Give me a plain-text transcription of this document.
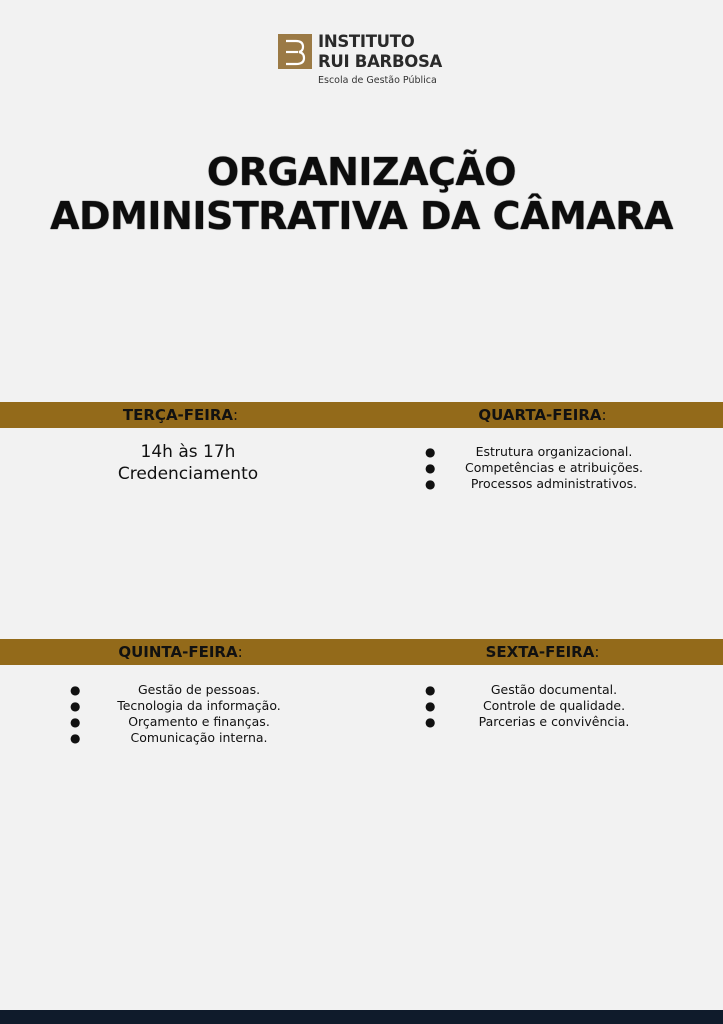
INSTITUTO
RUI BARBOSA
Escola de Gestão Pública
ORGANIZAÇÃO
ADMINISTRATIVA DA CÂMARA
TERÇA-FEIRA:	QUARTA-FEIRA:
14h às 17h
Credenciamento
●	Estrutura organizacional.
● Competências e atribuições.
●	Processos administrativos.
QUINTA-FEIRA:	SEXTA-FEIRA:
●	Gestão de pessoas.
●	Tecnologia da informação.
●	Orçamento e finanças.
●	Comunicação interna.
●	Gestão documental.
●	Controle de qualidade.
●	Parcerias e convivência.
